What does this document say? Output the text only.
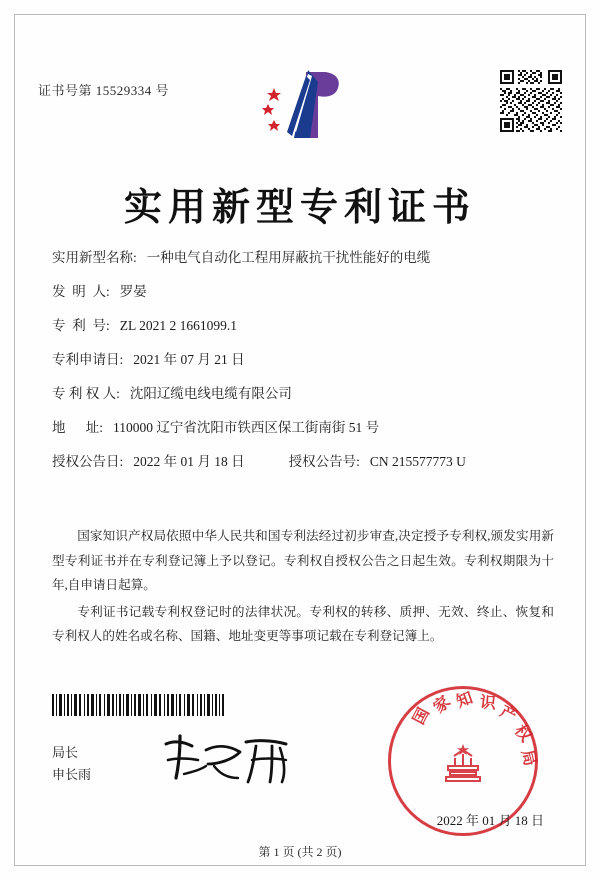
证书号第 15529334 号
实用新型专利证书
实用新型名称: 一种电气自动化工程用屏蔽抗干扰性能好的电缆
发  明  人: 罗晏
专  利  号: ZL 2021 2 1661099.1
专利申请日: 2021 年 07 月 21 日
专 利 权 人: 沈阳辽缆电线电缆有限公司
地      址: 110000 辽宁省沈阳市铁西区保工街南街 51 号
授权公告日: 2022 年 01 月 18 日	授权公告号: CN 215577773 U

国家知识产权局依照中华人民共和国专利法经过初步审查,决定授予专利权,颁发实用新型专利证书并在专利登记簿上予以登记。专利权自授权公告之日起生效。专利权期限为十年,自申请日起算。

专利证书记载专利权登记时的法律状况。专利权的转移、质押、无效、终止、恢复和专利权人的姓名或名称、国籍、地址变更等事项记载在专利登记簿上。

局长
申长雨
国
家 知 识 产
权
局
2022 年 01 月 18 日
第 1 页 (共 2 页)
